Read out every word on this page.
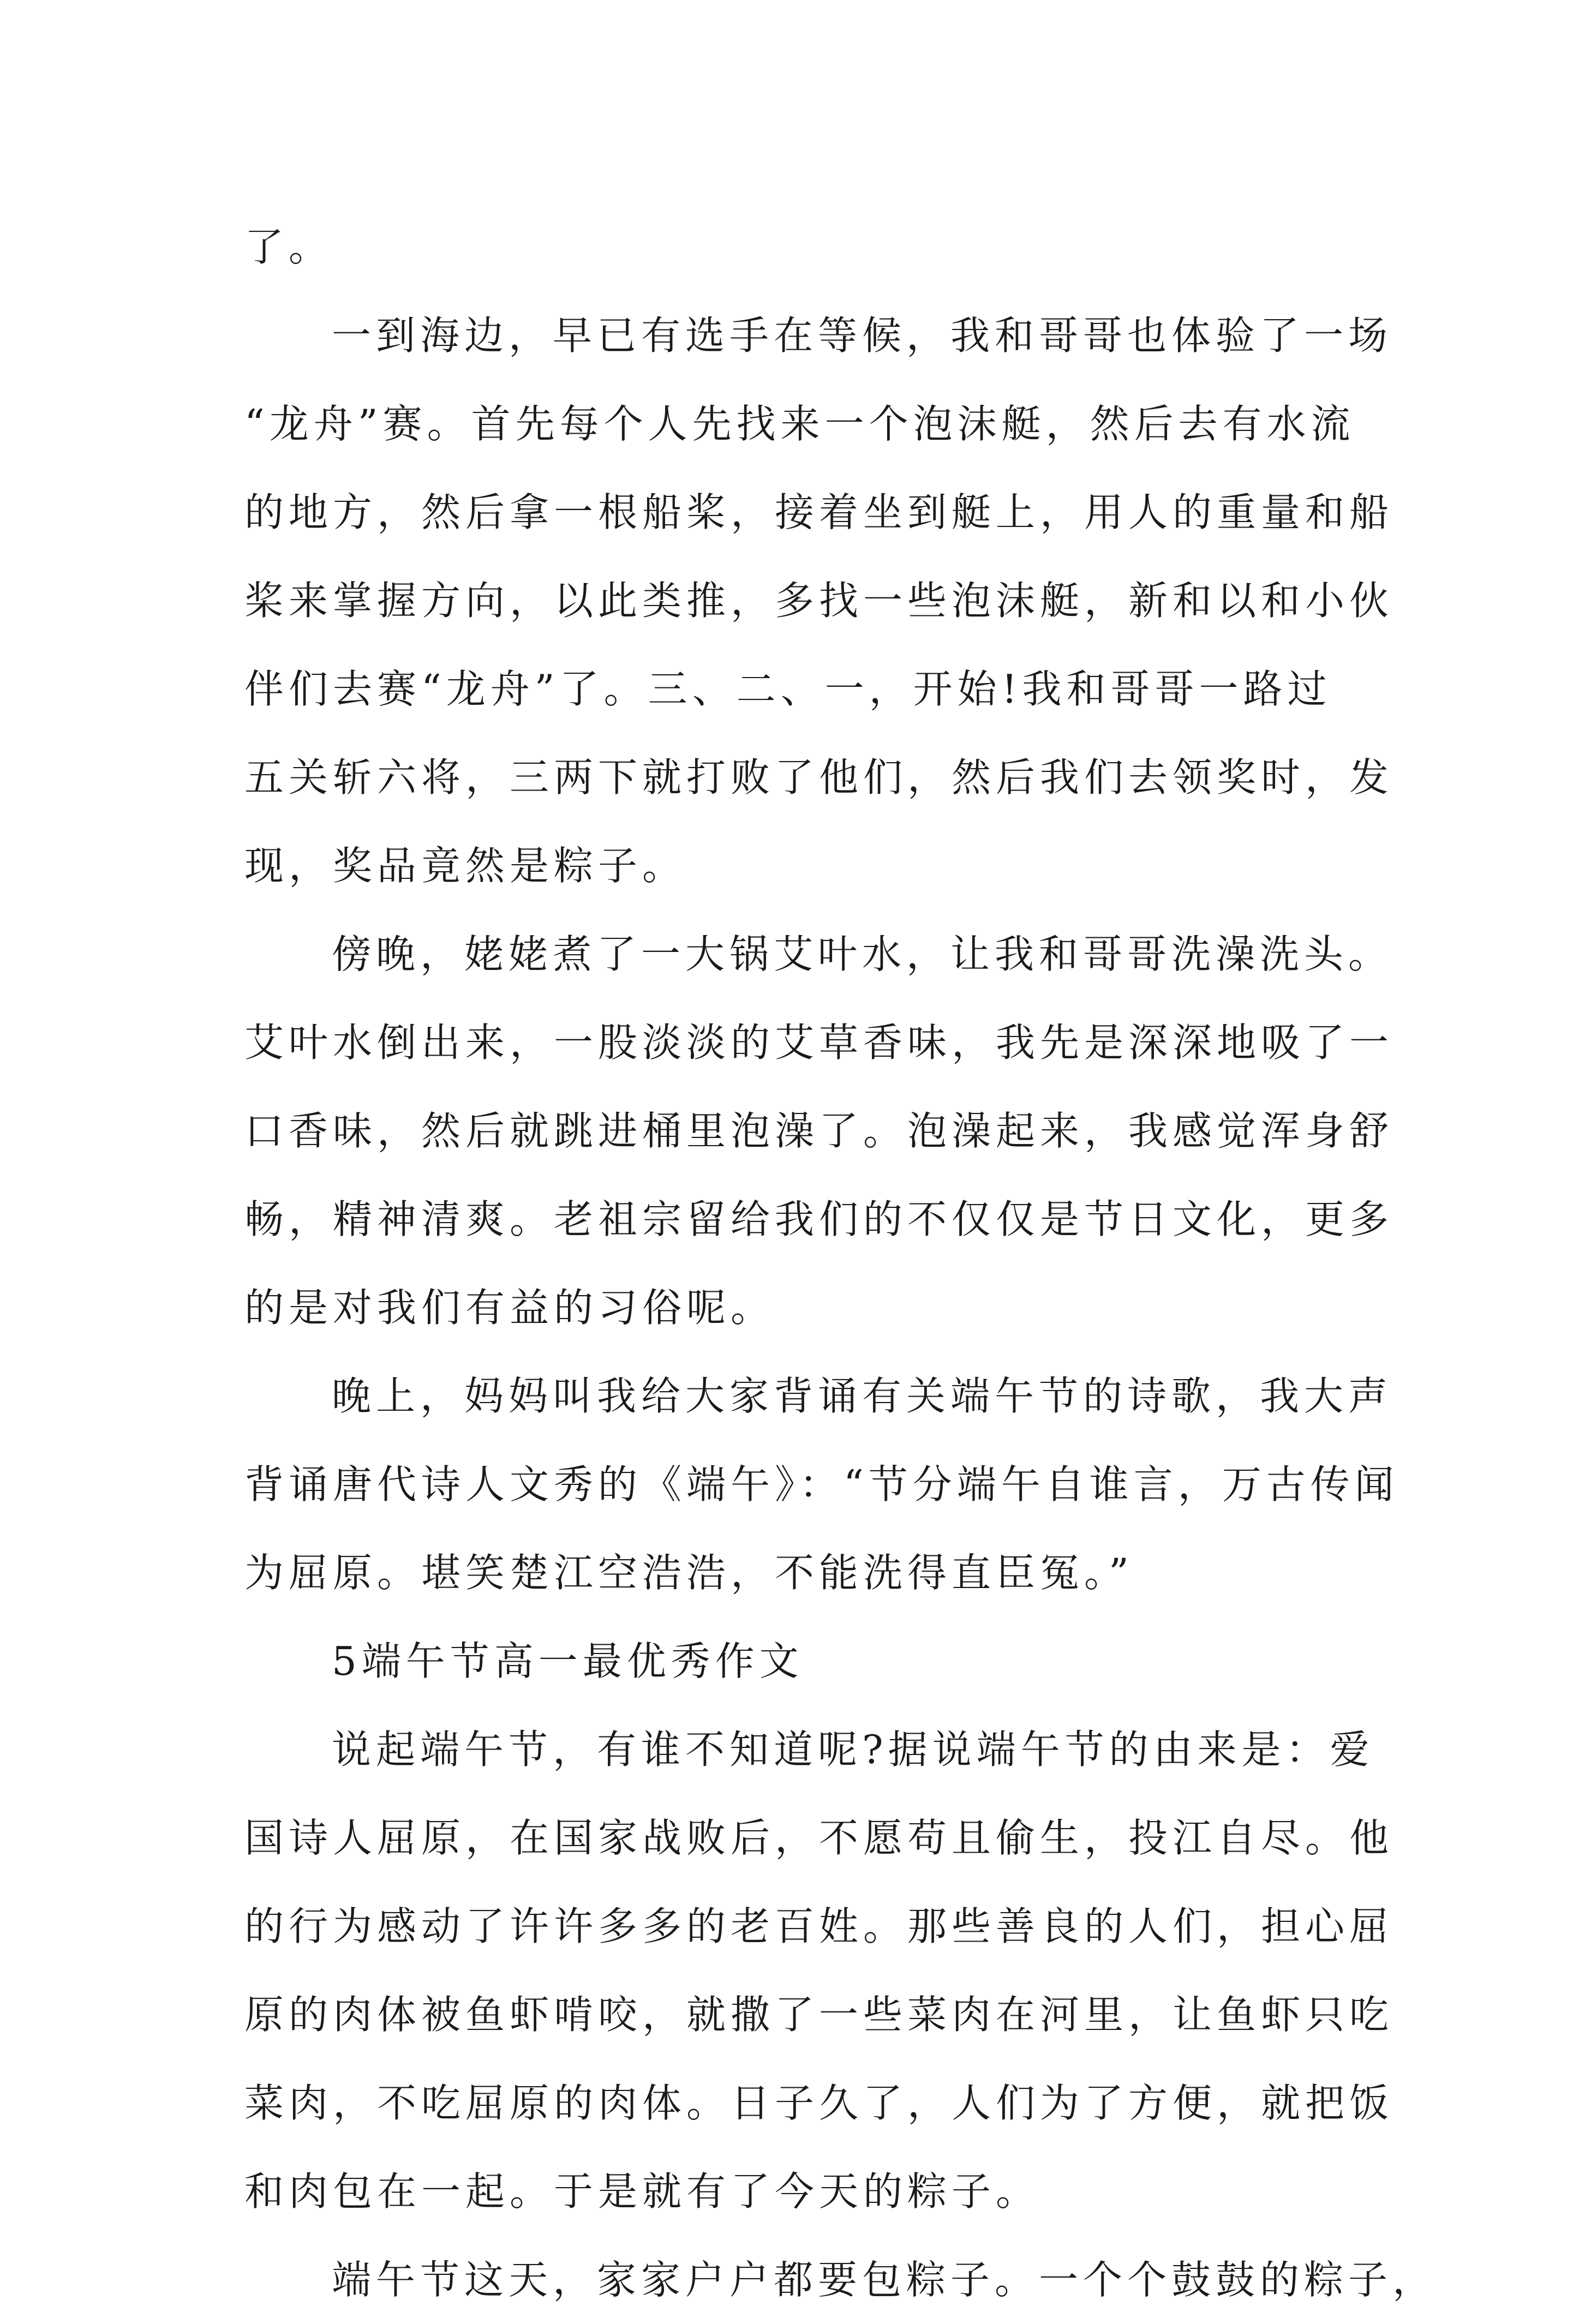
了。
一到海边，早已有选手在等候，我和哥哥也体验了一场
“龙舟”赛。首先每个人先找来一个泡沫艇，然后去有水流
的地方，然后拿一根船桨，接着坐到艇上，用人的重量和船
桨来掌握方向，以此类推，多找一些泡沫艇，新和以和小伙
伴们去赛“龙舟”了。三、二、一，开始!我和哥哥一路过
五关斩六将，三两下就打败了他们，然后我们去领奖时，发
现，奖品竟然是粽子。
傍晚，姥姥煮了一大锅艾叶水，让我和哥哥洗澡洗头。
艾叶水倒出来，一股淡淡的艾草香味，我先是深深地吸了一
口香味，然后就跳进桶里泡澡了。泡澡起来，我感觉浑身舒
畅，精神清爽。老祖宗留给我们的不仅仅是节日文化，更多
的是对我们有益的习俗呢。
晚上，妈妈叫我给大家背诵有关端午节的诗歌，我大声
背诵唐代诗人文秀的《端午》：“节分端午自谁言，万古传闻
为屈原。堪笑楚江空浩浩，不能洗得直臣冤。”
5端午节高一最优秀作文
说起端午节，有谁不知道呢?据说端午节的由来是：爱
国诗人屈原，在国家战败后，不愿苟且偷生，投江自尽。他
的行为感动了许许多多的老百姓。那些善良的人们，担心屈
原的肉体被鱼虾啃咬，就撒了一些菜肉在河里，让鱼虾只吃
菜肉，不吃屈原的肉体。日子久了，人们为了方便，就把饭
和肉包在一起。于是就有了今天的粽子。
端午节这天，家家户户都要包粽子。一个个鼓鼓的粽子，
